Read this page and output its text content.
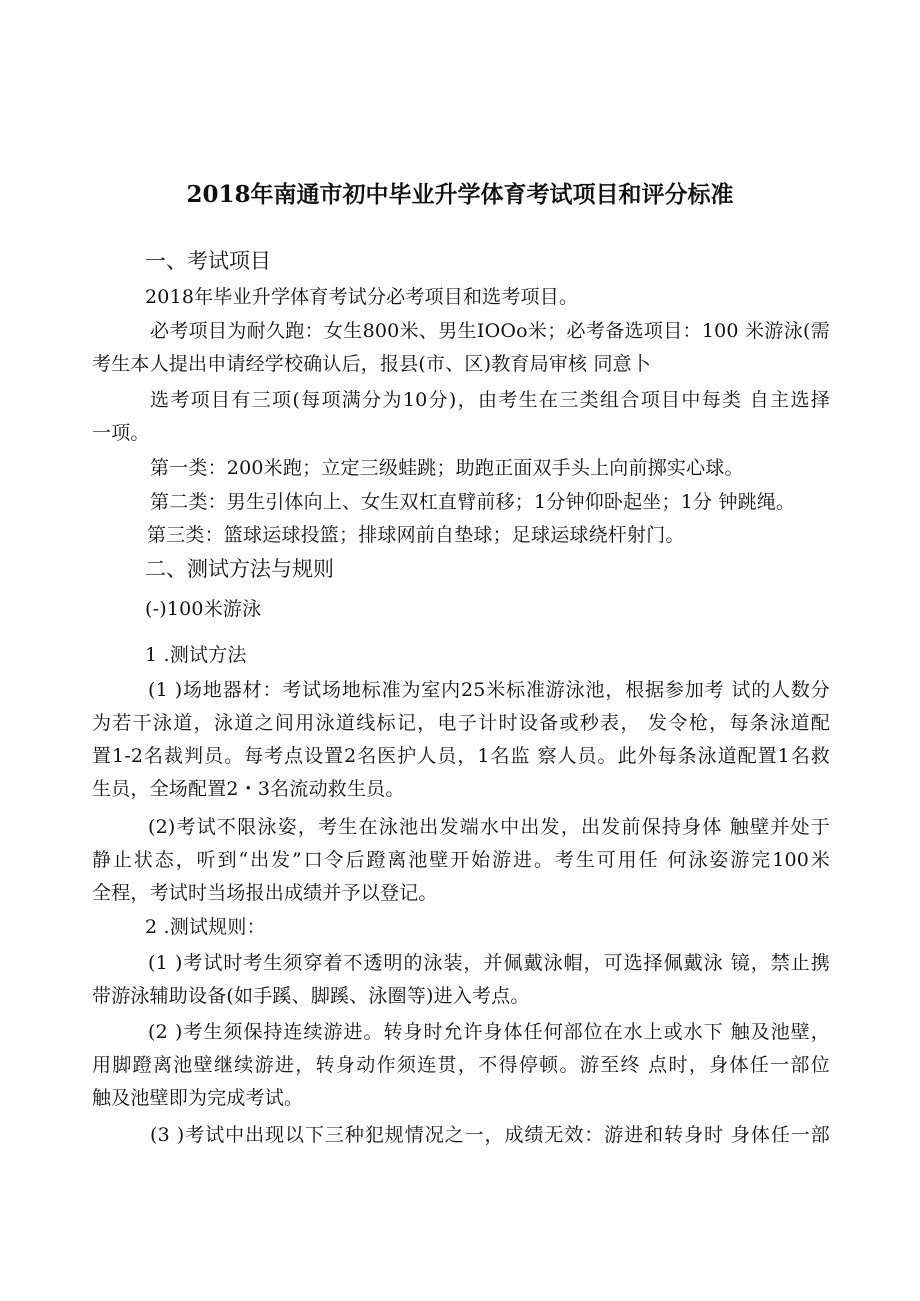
2018年南通市初中毕业升学体育考试项目和评分标准
一、考试项目
2018年毕业升学体育考试分必考项目和选考项目。
必考项目为耐久跑：女生800米、男生IOOo米；必考备选项目：100 米游泳(需
考生本人提出申请经学校确认后，报县(市、区)教育局审核 同意卜
选考项目有三项(每项满分为10分)，由考生在三类组合项目中每类 自主选择
一项。
第一类：200米跑；立定三级蛙跳；助跑正面双手头上向前掷实心球。
第二类：男生引体向上、女生双杠直臂前移；1分钟仰卧起坐；1分 钟跳绳。
第三类：篮球运球投篮；排球网前自垫球；足球运球绕杆射门。
二、测试方法与规则
(-)100米游泳
1 .测试方法
(1 )场地器材：考试场地标准为室内25米标准游泳池，根据参加考 试的人数分
为若干泳道，泳道之间用泳道线标记，电子计时设备或秒表， 发令枪，每条泳道配
置1-2名裁判员。每考点设置2名医护人员，1名监 察人员。此外每条泳道配置1名救
生员，全场配置2・3名流动救生员。
(2)考试不限泳姿，考生在泳池出发端水中出发，出发前保持身体 触壁并处于
静止状态，听到“出发”口令后蹬离池壁开始游进。考生可用任 何泳姿游完100米
全程，考试时当场报出成绩并予以登记。
2 .测试规则：
(1 )考试时考生须穿着不透明的泳装，并佩戴泳帽，可选择佩戴泳 镜，禁止携
带游泳辅助设备(如手蹊、脚蹊、泳圈等)进入考点。
(2 )考生须保持连续游进。转身时允许身体任何部位在水上或水下 触及池壁，
用脚蹬离池壁继续游进，转身动作须连贯，不得停顿。游至终 点时，身体任一部位
触及池壁即为完成考试。
(3 )考试中出现以下三种犯规情况之一，成绩无效：游进和转身时 身体任一部
